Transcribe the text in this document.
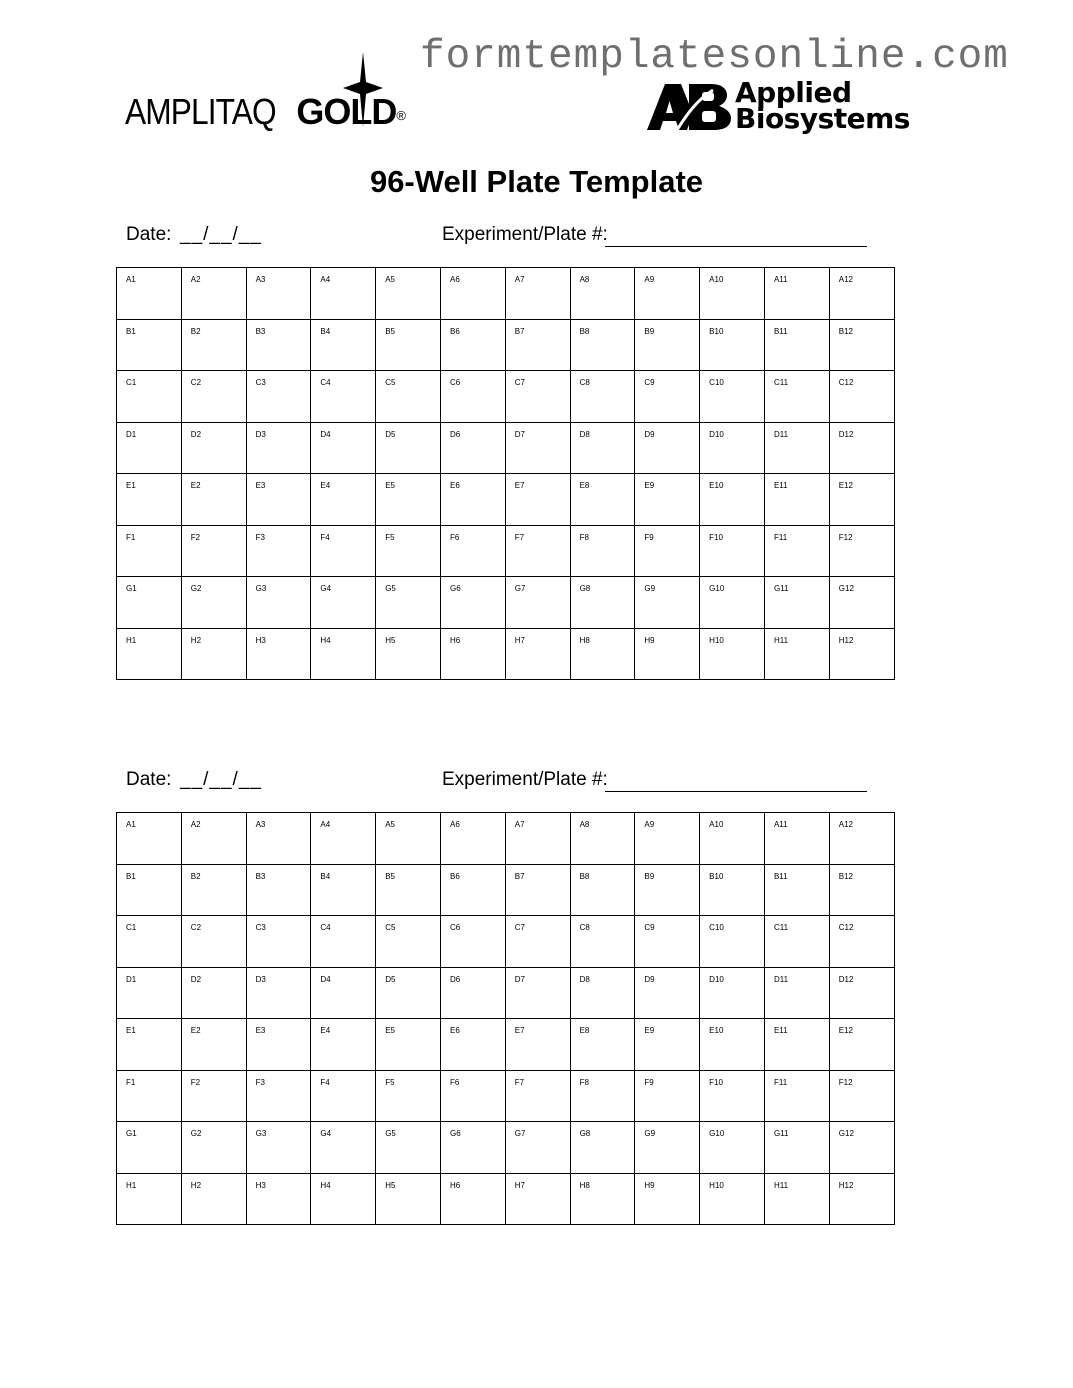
formtemplatesonline.com
AMPLITAQ GOLD®
Applied
Biosystems
96-Well Plate Template
Date: __/__/__	Experiment/Plate #:
A1	A2	A3	A4	A5	A6	A7	A8	A9	A10	A11	A12
B1	B2	B3	B4	B5	B6	B7	B8	B9	B10	B11	B12
C1	C2	C3	C4	C5	C6	C7	C8	C9	C10	C11	C12
D1	D2	D3	D4	D5	D6	D7	D8	D9	D10	D11	D12
E1	E2	E3	E4	E5	E6	E7	E8	E9	E10	E11	E12
F1	F2	F3	F4	F5	F6	F7	F8	F9	F10	F11	F12
G1	G2	G3	G4	G5	G6	G7	G8	G9	G10	G11	G12
H1	H2	H3	H4	H5	H6	H7	H8	H9	H10	H11	H12
Date: __/__/__	Experiment/Plate #:
A1	A2	A3	A4	A5	A6	A7	A8	A9	A10	A11	A12
B1	B2	B3	B4	B5	B6	B7	B8	B9	B10	B11	B12
C1	C2	C3	C4	C5	C6	C7	C8	C9	C10	C11	C12
D1	D2	D3	D4	D5	D6	D7	D8	D9	D10	D11	D12
E1	E2	E3	E4	E5	E6	E7	E8	E9	E10	E11	E12
F1	F2	F3	F4	F5	F6	F7	F8	F9	F10	F11	F12
G1	G2	G3	G4	G5	G6	G7	G8	G9	G10	G11	G12
H1	H2	H3	H4	H5	H6	H7	H8	H9	H10	H11	H12
